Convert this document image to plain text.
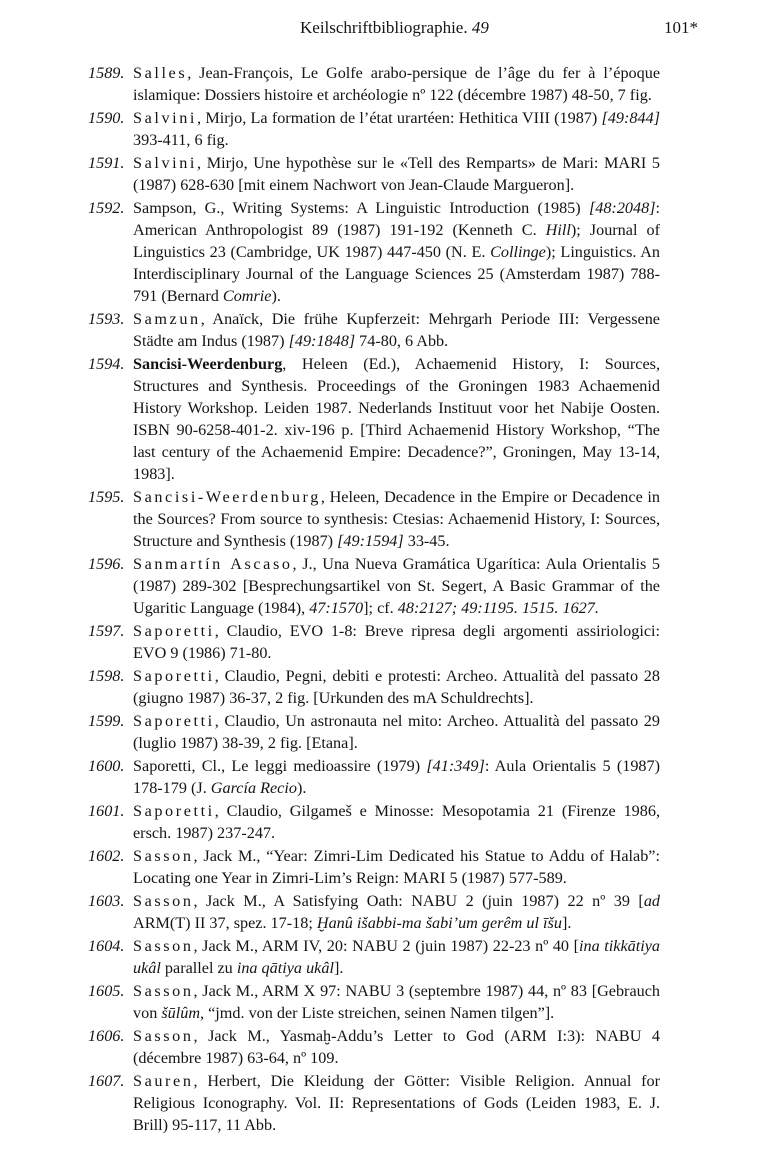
Keilschriftbibliographie. 49	101*
1589. Salles, Jean-François, Le Golfe arabo-persique de l’âge du fer à l’époque islamique: Dossiers histoire et archéologie nº 122 (décembre 1987) 48-50, 7 fig.
1590. Salvini, Mirjo, La formation de l’état urartéen: Hethitica VIII (1987) [49:844] 393-411, 6 fig.
1591. Salvini, Mirjo, Une hypothèse sur le «Tell des Remparts» de Mari: MARI 5 (1987) 628-630 [mit einem Nachwort von Jean-Claude Margueron].
1592. Sampson, G., Writing Systems: A Linguistic Introduction (1985) [48:2048]: American Anthropologist 89 (1987) 191-192 (Kenneth C. Hill); Journal of Linguistics 23 (Cambridge, UK 1987) 447-450 (N. E. Collinge); Linguistics. An Interdisciplinary Journal of the Language Sciences 25 (Amsterdam 1987) 788-791 (Bernard Comrie).
1593. Samzun, Anaïck, Die frühe Kupferzeit: Mehrgarh Periode III: Vergessene Städte am Indus (1987) [49:1848] 74-80, 6 Abb.
1594. Sancisi-Weerdenburg, Heleen (Ed.), Achaemenid History, I: Sources, Structures and Synthesis. Proceedings of the Groningen 1983 Achaemenid History Workshop. Leiden 1987. Nederlands Instituut voor het Nabije Oosten. ISBN 90-6258-401-2. xiv-196 p. [Third Achaemenid History Workshop, “The last century of the Achaemenid Empire: Decadence?”, Groningen, May 13-14, 1983].
1595. Sancisi-Weerdenburg, Heleen, Decadence in the Empire or Decadence in the Sources? From source to synthesis: Ctesias: Achaemenid History, I: Sources, Structure and Synthesis (1987) [49:1594] 33-45.
1596. Sanmartín Ascaso, J., Una Nueva Gramática Ugarítica: Aula Orientalis 5 (1987) 289-302 [Besprechungsartikel von St. Segert, A Basic Grammar of the Ugaritic Language (1984), 47:1570]; cf. 48:2127; 49:1195. 1515. 1627.
1597. Saporetti, Claudio, EVO 1-8: Breve ripresa degli argomenti assiriologici: EVO 9 (1986) 71-80.
1598. Saporetti, Claudio, Pegni, debiti e protesti: Archeo. Attualità del passato 28 (giugno 1987) 36-37, 2 fig. [Urkunden des mA Schuldrechts].
1599. Saporetti, Claudio, Un astronauta nel mito: Archeo. Attualità del passato 29 (luglio 1987) 38-39, 2 fig. [Etana].
1600. Saporetti, Cl., Le leggi medioassire (1979) [41:349]: Aula Orientalis 5 (1987) 178-179 (J. García Recio).
1601. Saporetti, Claudio, Gilgameš e Minosse: Mesopotamia 21 (Firenze 1986, ersch. 1987) 237-247.
1602. Sasson, Jack M., “Year: Zimri-Lim Dedicated his Statue to Addu of Halab”: Locating one Year in Zimri-Lim’s Reign: MARI 5 (1987) 577-589.
1603. Sasson, Jack M., A Satisfying Oath: NABU 2 (juin 1987) 22 nº 39 [ad ARM(T) II 37, spez. 17-18; Ḫanû išabbi-ma šabi’um gerêm ul īšu].
1604. Sasson, Jack M., ARM IV, 20: NABU 2 (juin 1987) 22-23 nº 40 [ina tikkātiya ukâl parallel zu ina qātiya ukâl].
1605. Sasson, Jack M., ARM X 97: NABU 3 (septembre 1987) 44, nº 83 [Gebrauch von šūlûm, “jmd. von der Liste streichen, seinen Namen tilgen”].
1606. Sasson, Jack M., Yasmaḫ-Addu’s Letter to God (ARM I:3): NABU 4 (décembre 1987) 63-64, nº 109.
1607. Sauren, Herbert, Die Kleidung der Götter: Visible Religion. Annual for Religious Iconography. Vol. II: Representations of Gods (Leiden 1983, E. J. Brill) 95-117, 11 Abb.
